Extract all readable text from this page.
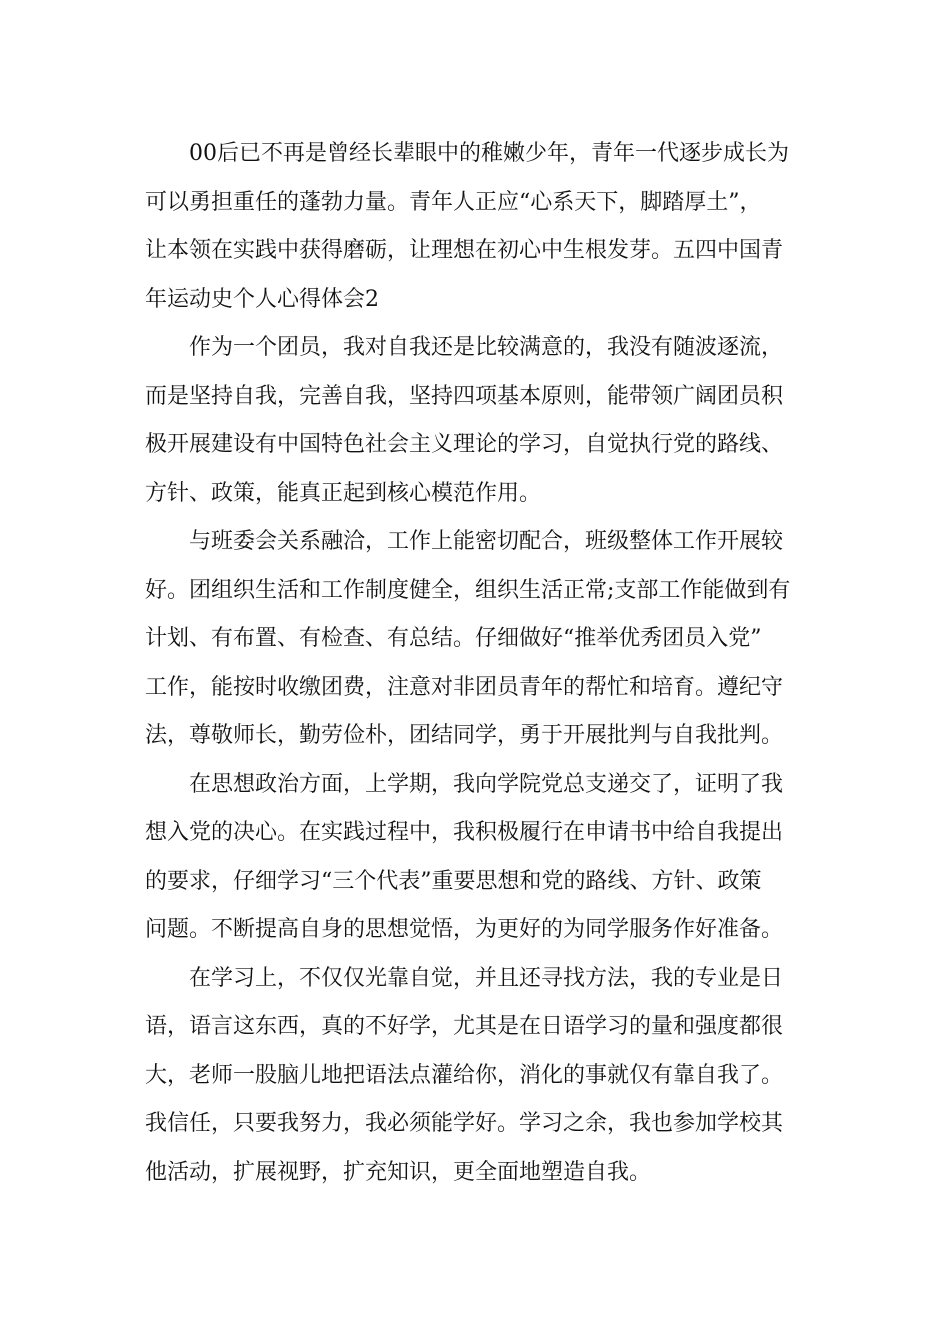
00后已不再是曾经长辈眼中的稚嫩少年，青年一代逐步成长为
可以勇担重任的蓬勃力量。青年人正应“心系天下，脚踏厚土”，
让本领在实践中获得磨砺，让理想在初心中生根发芽。五四中国青
年运动史个人心得体会2

作为一个团员，我对自我还是比较满意的，我没有随波逐流，
而是坚持自我，完善自我，坚持四项基本原则，能带领广阔团员积
极开展建设有中国特色社会主义理论的学习，自觉执行党的路线、
方针、政策，能真正起到核心模范作用。

与班委会关系融洽，工作上能密切配合，班级整体工作开展较
好。团组织生活和工作制度健全，组织生活正常;支部工作能做到有
计划、有布置、有检查、有总结。仔细做好“推举优秀团员入党”
工作，能按时收缴团费，注意对非团员青年的帮忙和培育。遵纪守
法，尊敬师长，勤劳俭朴，团结同学，勇于开展批判与自我批判。

在思想政治方面，上学期，我向学院党总支递交了，证明了我
想入党的决心。在实践过程中，我积极履行在申请书中给自我提出
的要求，仔细学习“三个代表”重要思想和党的路线、方针、政策
问题。不断提高自身的思想觉悟，为更好的为同学服务作好准备。

在学习上，不仅仅光靠自觉，并且还寻找方法，我的专业是日
语，语言这东西，真的不好学，尤其是在日语学习的量和强度都很
大，老师一股脑儿地把语法点灌给你，消化的事就仅有靠自我了。
我信任，只要我努力，我必须能学好。学习之余，我也参加学校其
他活动，扩展视野，扩充知识，更全面地塑造自我。
